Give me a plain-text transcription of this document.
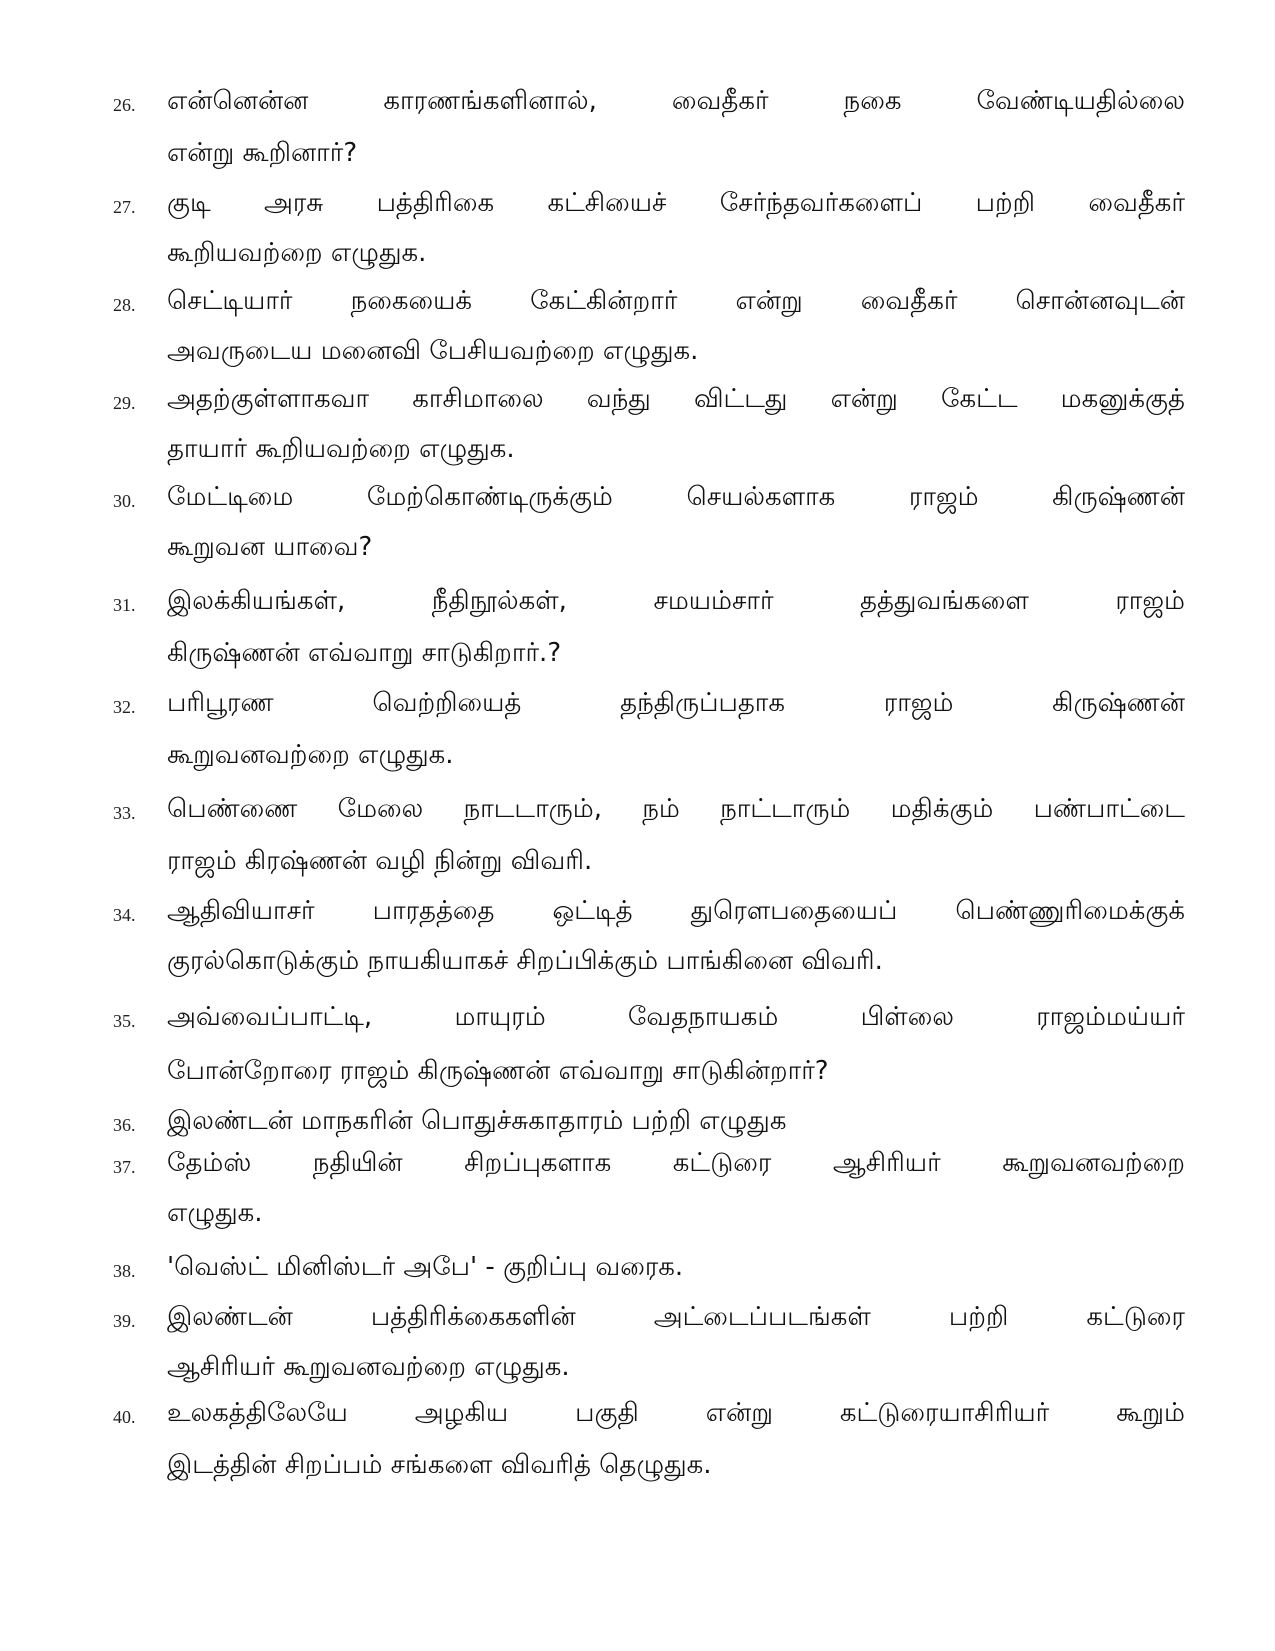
26. என்னென்ன	காரணங்களினால்,	வைதீகர்	நகை	வேண்டியதில்லை
என்று கூறினார்?
27. குடி அரசு பத்திரிகை கட்சியைச் சேர்ந்தவர்களைப் பற்றி வைதீகர்
கூறியவற்றை எழுதுக.
28. செட்டியார் நகையைக் கேட்கின்றார் என்று வைதீகர் சொன்னவுடன்
அவருடைய மனைவி பேசியவற்றை எழுதுக.
29. அதற்குள்ளாகவா காசிமாலை வந்து விட்டது என்று கேட்ட மகனுக்குத்
தாயார் கூறியவற்றை எழுதுக.
30. மேட்டிமை	மேற்கொண்டிருக்கும்	செயல்களாக	ராஜம்	கிருஷ்ணன்
கூறுவன யாவை?
31. இலக்கியங்கள்,	நீதிநூல்கள்,	சமயம்சார்	தத்துவங்களை	ராஜம்
கிருஷ்ணன் எவ்வாறு சாடுகிறார்.?
32. பரிபூரண	வெற்றியைத்	தந்திருப்பதாக	ராஜம்	கிருஷ்ணன்
கூறுவனவற்றை எழுதுக.
33. பெண்ணை மேலை நாடடாரும், நம் நாட்டாரும் மதிக்கும் பண்பாட்டை
ராஜம் கிரஷ்ணன் வழி நின்று விவரி.
34. ஆதிவியாசர் பாரதத்தை ஒட்டித் துரௌபதையைப் பெண்ணுரிமைக்குக்
குரல்கொடுக்கும் நாயகியாகச் சிறப்பிக்கும் பாங்கினை விவரி.
35. அவ்வைப்பாட்டி,	மாயுரம்	வேதநாயகம்	பிள்லை	ராஜம்மய்யர்
போன்றோரை ராஜம் கிருஷ்ணன் எவ்வாறு சாடுகின்றார்?
36. இலண்டன் மாநகரின் பொதுச்சுகாதாரம் பற்றி எழுதுக
37. தேம்ஸ் நதியின் சிறப்புகளாக கட்டுரை ஆசிரியர் கூறுவனவற்றை
எழுதுக.
38. 'வெஸ்ட் மினிஸ்டர் அபே' - குறிப்பு வரைக.
39. இலண்டன்	பத்திரிக்கைகளின்	அட்டைப்படங்கள்	பற்றி	கட்டுரை
ஆசிரியர் கூறுவனவற்றை எழுதுக.
40. உலகத்திலேயே	அழகிய	பகுதி	என்று	கட்டுரையாசிரியர்	கூறும்
இடத்தின் சிறப்பம் சங்களை விவரித் தெழுதுக.
